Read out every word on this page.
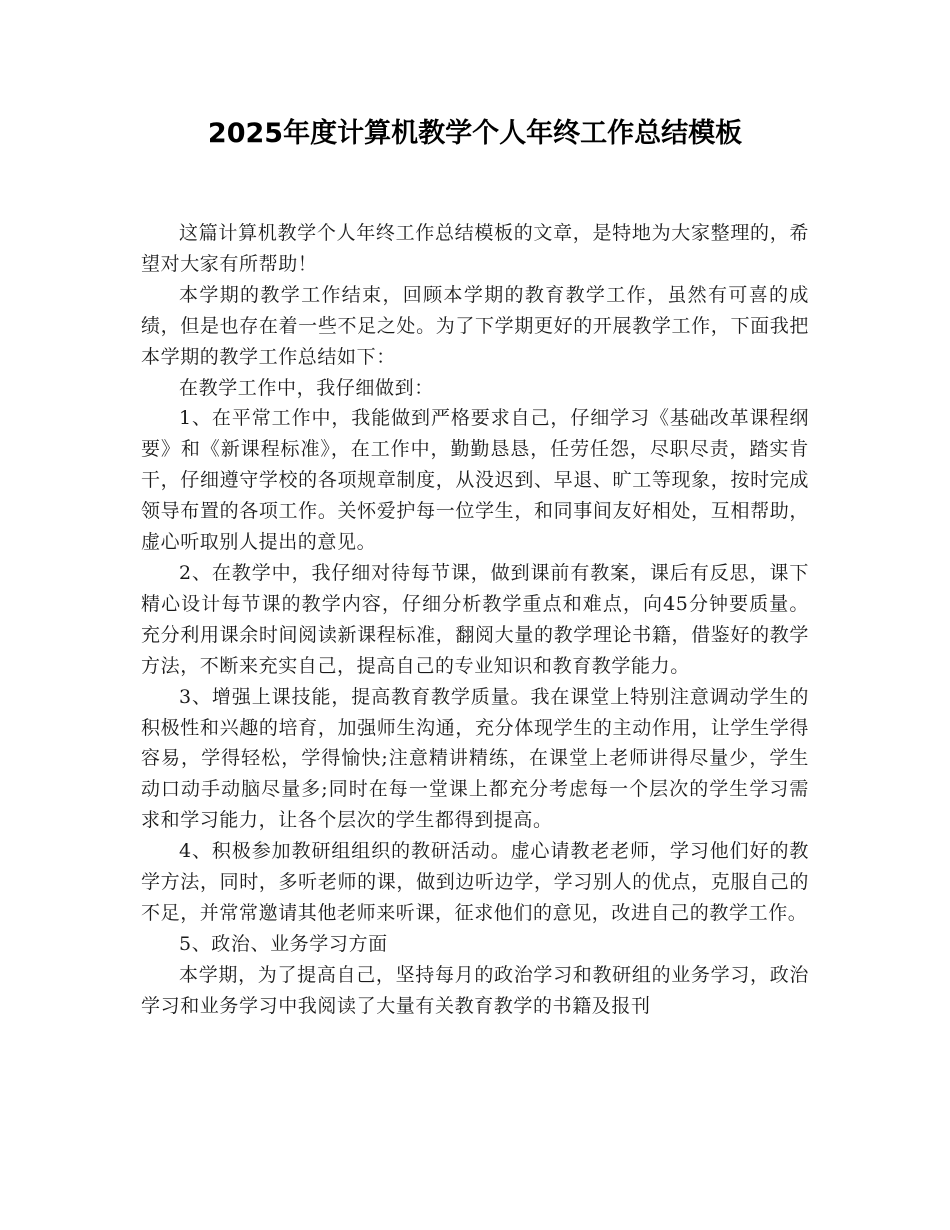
2025年度计算机教学个人年终工作总结模板

这篇计算机教学个人年终工作总结模板的文章，是特地为大家整理的，希望对大家有所帮助！

本学期的教学工作结束，回顾本学期的教育教学工作，虽然有可喜的成绩，但是也存在着一些不足之处。为了下学期更好的开展教学工作，下面我把本学期的教学工作总结如下：

在教学工作中，我仔细做到：

1、在平常工作中，我能做到严格要求自己，仔细学习《基础改革课程纲要》和《新课程标准》，在工作中，勤勤恳恳，任劳任怨，尽职尽责，踏实肯干，仔细遵守学校的各项规章制度，从没迟到、早退、旷工等现象，按时完成领导布置的各项工作。关怀爱护每一位学生，和同事间友好相处，互相帮助，虚心听取别人提出的意见。

2、在教学中，我仔细对待每节课，做到课前有教案，课后有反思，课下精心设计每节课的教学内容，仔细分析教学重点和难点，向45分钟要质量。充分利用课余时间阅读新课程标准，翻阅大量的教学理论书籍，借鉴好的教学方法，不断来充实自己，提高自己的专业知识和教育教学能力。

3、增强上课技能，提高教育教学质量。我在课堂上特别注意调动学生的积极性和兴趣的培育，加强师生沟通，充分体现学生的主动作用，让学生学得容易，学得轻松，学得愉快;注意精讲精练，在课堂上老师讲得尽量少，学生动口动手动脑尽量多;同时在每一堂课上都充分考虑每一个层次的学生学习需求和学习能力，让各个层次的学生都得到提高。

4、积极参加教研组组织的教研活动。虚心请教老老师，学习他们好的教学方法，同时，多听老师的课，做到边听边学，学习别人的优点，克服自己的不足，并常常邀请其他老师来听课，征求他们的意见，改进自己的教学工作。

5、政治、业务学习方面

本学期，为了提高自己，坚持每月的政治学习和教研组的业务学习，政治学习和业务学习中我阅读了大量有关教育教学的书籍及报刊
